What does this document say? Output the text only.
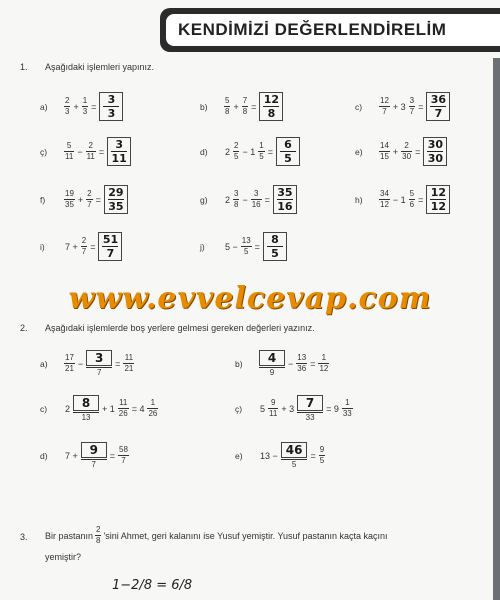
KENDİMİZİ DEĞERLENDİRELİM
1. Aşağıdaki işlemleri yapınız.
a)	$\frac{2}{3} + \frac{1}{3}$ =
3
3
b)	$\frac{5}{8} + \frac{7}{8}$ =
12
8
c)	$\frac{12}{7} + 3 \frac{3}{7}$ =
36
7
ç)	$\frac{5}{11} - \frac{2}{11}$ =
3
11
d)	$2 \frac{2}{5} - 1 \frac{1}{5}$ =
6
5
e)	$\frac{14}{15} + \frac{2}{30}$ =
30
30
f)	$\frac{19}{35} + \frac{2}{7}$ =
29
35
g)	$2 \frac{3}{8} - \frac{3}{16}$ =
35
16
h)	$\frac{34}{12} - 1 \frac{5}{6}$ =
12
12
i)	$7 + \frac{2}{7}$ =
51
7
j)	$5 - \frac{13}{5}$ =
8
5
www.evvelcevap.com
2. Aşağıdaki işlemlerde boş yerlere gelmesi gereken değerleri yazınız.
a)	$\frac{17}{21} - \frac{3}{7} = \frac{11}{21}$	b)	$\frac{4}{9} - \frac{13}{36} = \frac{1}{12}$
c)	$2 \frac{8}{13} + 1 \frac{11}{26} = 4 \frac{1}{26}$	ç)	$5 \frac{9}{11} + 3 \frac{7}{33} = 9 \frac{1}{33}$
d)	$7 + \frac{9}{7} = \frac{58}{7}$	e)	$13 - \frac{46}{5} = \frac{9}{5}$
3. Bir pastanın $\frac{2}{8}$ 'sini Ahmet, geri kalanını ise Yusuf yemiştir. Yusuf pastanın kaçta kaçını
yemiştir?
1−2/8 = 6/8
